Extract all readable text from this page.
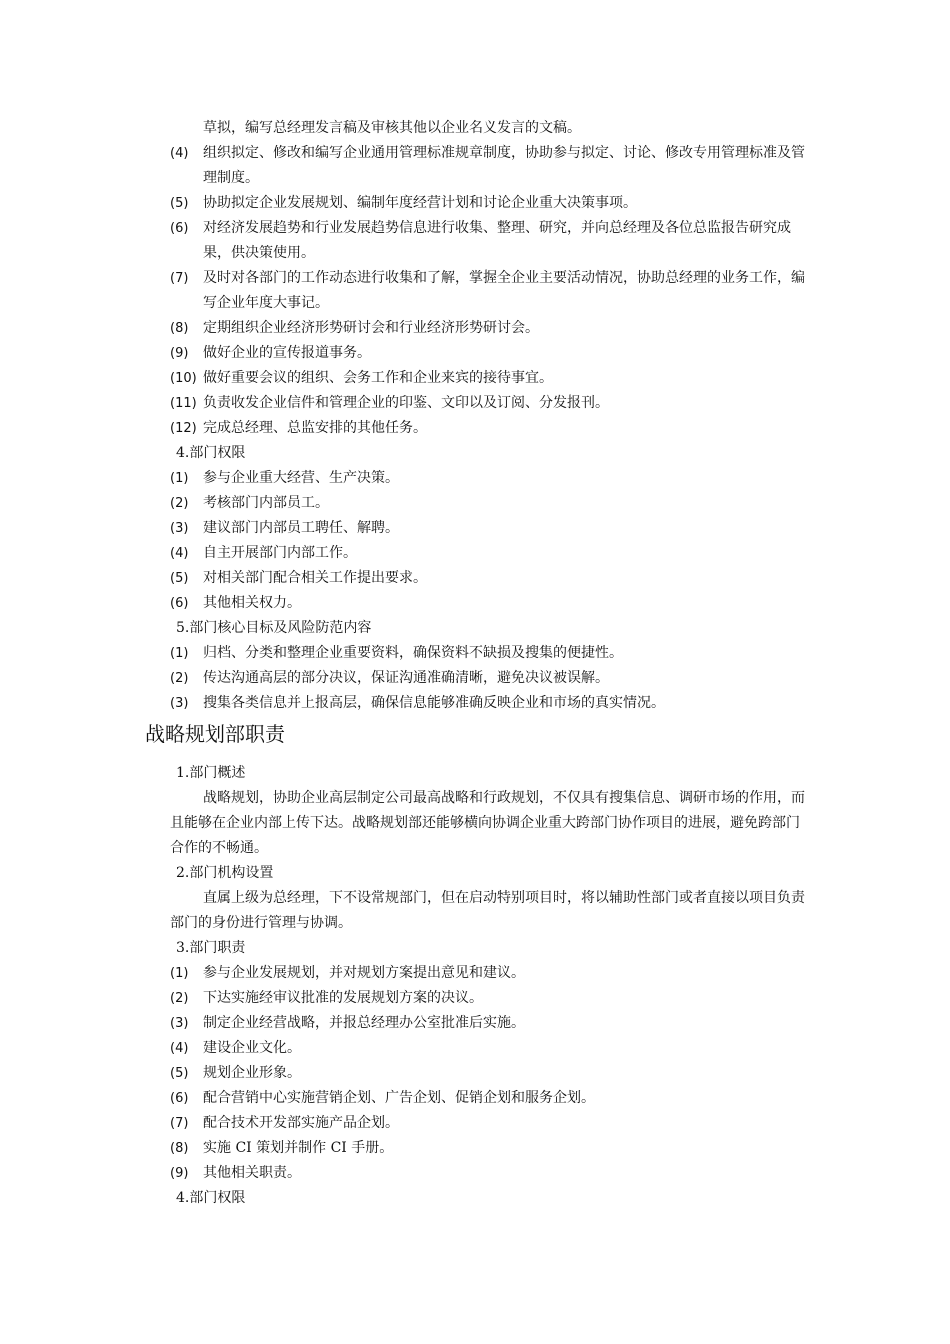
草拟，编写总经理发言稿及审核其他以企业名义发言的文稿。
(4)	组织拟定、修改和编写企业通用管理标准规章制度，协助参与拟定、讨论、修改专用管理标准及管理制度。
(5)	协助拟定企业发展规划、编制年度经营计划和讨论企业重大决策事项。
(6)	对经济发展趋势和行业发展趋势信息进行收集、整理、研究，并向总经理及各位总监报告研究成果，供决策使用。
(7)	及时对各部门的工作动态进行收集和了解，掌握全企业主要活动情况，协助总经理的业务工作，编写企业年度大事记。
(8)	定期组织企业经济形势研讨会和行业经济形势研讨会。
(9)	做好企业的宣传报道事务。
(10) 做好重要会议的组织、会务工作和企业来宾的接待事宜。
(11) 负责收发企业信件和管理企业的印鉴、文印以及订阅、分发报刊。
(12) 完成总经理、总监安排的其他任务。
4.部门权限
(1)	参与企业重大经营、生产决策。
(2)	考核部门内部员工。
(3)	建议部门内部员工聘任、解聘。
(4)	自主开展部门内部工作。
(5)	对相关部门配合相关工作提出要求。
(6)	其他相关权力。
5.部门核心目标及风险防范内容
(1)	归档、分类和整理企业重要资料，确保资料不缺损及搜集的便捷性。
(2)	传达沟通高层的部分决议，保证沟通准确清晰，避免决议被误解。
(3)	搜集各类信息并上报高层，确保信息能够准确反映企业和市场的真实情况。
战略规划部职责
1.部门概述
战略规划，协助企业高层制定公司最高战略和行政规划，不仅具有搜集信息、调研市场的作用，而且能够在企业内部上传下达。战略规划部还能够横向协调企业重大跨部门协作项目的进展，避免跨部门合作的不畅通。
2.部门机构设置
直属上级为总经理，下不设常规部门，但在启动特别项目时，将以辅助性部门或者直接以项目负责部门的身份进行管理与协调。
3.部门职责
(1)	参与企业发展规划，并对规划方案提出意见和建议。
(2)	下达实施经审议批准的发展规划方案的决议。
(3)	制定企业经营战略，并报总经理办公室批准后实施。
(4)	建设企业文化。
(5)	规划企业形象。
(6)	配合营销中心实施营销企划、广告企划、促销企划和服务企划。
(7)	配合技术开发部实施产品企划。
(8)	实施 CI 策划并制作 CI 手册。
(9)	其他相关职责。
4.部门权限
